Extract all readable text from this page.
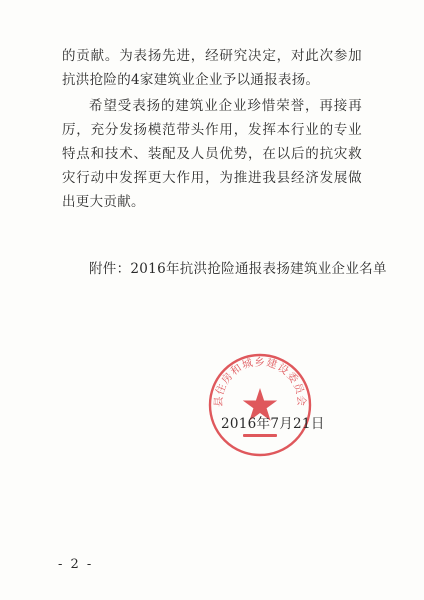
的贡献。为表扬先进，经研究决定，对此次参加抗洪抢险的4家建筑业企业予以通报表扬。

希望受表扬的建筑业企业珍惜荣誉，再接再厉，充分发扬模范带头作用，发挥本行业的专业特点和技术、装配及人员优势，在以后的抗灾救灾行动中发挥更大作用，为推进我县经济发展做出更大贡献。

附件：2016年抗洪抢险通报表扬建筑业企业名单

县住房和城乡建设委员会
2016年7月21日
- 2 -
